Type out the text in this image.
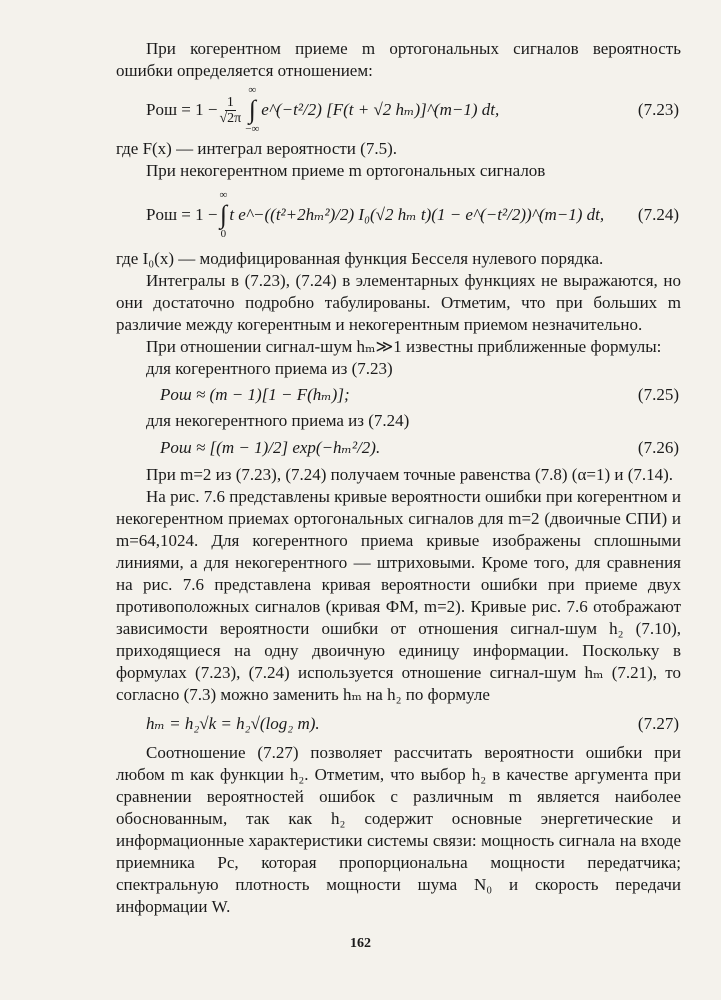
При когерентном приеме m ортогональных сигналов вероятность ошибки определяется отношением:

Pош = $1 - \frac{1}{√2\pi}$
∞
∫
−∞
e^(−t²/2) [F(t + √2 hₘ)]^(m−1) dt,	(7.23)

где F(x) — интеграл вероятности (7.5).

При некогерентном приеме m ортогональных сигналов

Pош = 1 −
∞
∫
0
t e^−((t²+2hₘ²)/2) I₀(√2 hₘ t)(1 − e^(−t²/2))^(m−1) dt, (7.24)

где I₀(x) — модифицированная функция Бесселя нулевого порядка.

Интегралы в (7.23), (7.24) в элементарных функциях не выражаются, но они достаточно подробно табулированы. Отметим, что при больших m различие между когерентным и некогерентным приемом незначительно.

При отношении сигнал-шум hₘ≫1 известны приближенные формулы:

для когерентного приема из (7.23)

Pош ≈ (m − 1)[1 − F(hₘ)];	(7.25)

для некогерентного приема из (7.24)

Pош ≈ [(m − 1)/2] exp(−hₘ²/2).	(7.26)

При m=2 из (7.23), (7.24) получаем точные равенства (7.8) (α=1) и (7.14).

На рис. 7.6 представлены кривые вероятности ошибки при когерентном и некогерентном приемах ортогональных сигналов для m=2 (двоичные СПИ) и m=64,1024. Для когерентного приема кривые изображены сплошными линиями, а для некогерентного — штриховыми. Кроме того, для сравнения на рис. 7.6 представлена кривая вероятности ошибки при приеме двух противоположных сигналов (кривая ФМ, m=2). Кривые рис. 7.6 отображают зависимости вероятности ошибки от отношения сигнал-шум h₂ (7.10), приходящиеся на одну двоичную единицу информации. Поскольку в формулах (7.23), (7.24) используется отношение сигнал-шум hₘ (7.21), то согласно (7.3) можно заменить hₘ на h₂ по формуле

hₘ = h₂√k = h₂√(log₂ m).	(7.27)

Соотношение (7.27) позволяет рассчитать вероятности ошибки при любом m как функции h₂. Отметим, что выбор h₂ в качестве аргумента при сравнении вероятностей ошибок с различным m является наиболее обоснованным, так как h₂ содержит основные энергетические и информационные характеристики системы связи: мощность сигнала на входе приемника Pс, которая пропорциональна мощности передатчика; спектральную плотность мощности шума N₀ и скорость передачи информации W.

162
